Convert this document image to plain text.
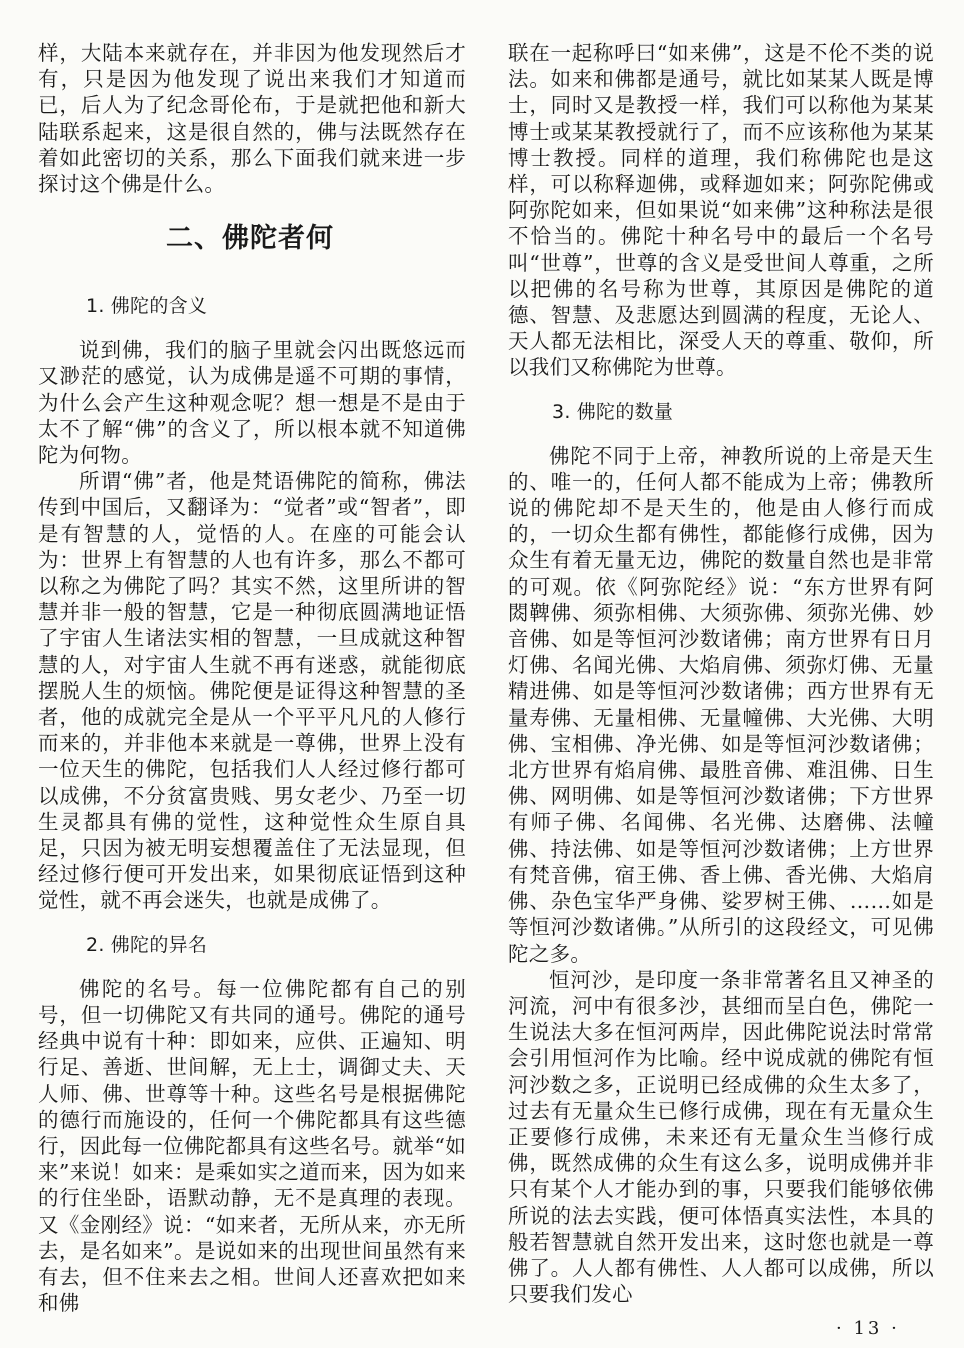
样，大陆本来就存在，并非因为他发现然后才有，只是因为他发现了说出来我们才知道而已，后人为了纪念哥伦布，于是就把他和新大陆联系起来，这是很自然的，佛与法既然存在着如此密切的关系，那么下面我们就来进一步探讨这个佛是什么。

二、佛陀者何
1. 佛陀的含义

说到佛，我们的脑子里就会闪出既悠远而又渺茫的感觉，认为成佛是遥不可期的事情，为什么会产生这种观念呢？想一想是不是由于太不了解“佛”的含义了，所以根本就不知道佛陀为何物。

所谓“佛”者，他是梵语佛陀的简称，佛法传到中国后，又翻译为：“觉者”或“智者”，即是有智慧的人，觉悟的人。在座的可能会认为：世界上有智慧的人也有许多，那么不都可以称之为佛陀了吗？其实不然，这里所讲的智慧并非一般的智慧，它是一种彻底圆满地证悟了宇宙人生诸法实相的智慧，一旦成就这种智慧的人，对宇宙人生就不再有迷惑，就能彻底摆脱人生的烦恼。佛陀便是证得这种智慧的圣者，他的成就完全是从一个平平凡凡的人修行而来的，并非他本来就是一尊佛，世界上没有一位天生的佛陀，包括我们人人经过修行都可以成佛，不分贫富贵贱、男女老少、乃至一切生灵都具有佛的觉性，这种觉性众生原自具足，只因为被无明妄想覆盖住了无法显现，但经过修行便可开发出来，如果彻底证悟到这种觉性，就不再会迷失，也就是成佛了。

2. 佛陀的异名

佛陀的名号。每一位佛陀都有自己的别号，但一切佛陀又有共同的通号。佛陀的通号经典中说有十种：即如来，应供、正遍知、明行足、善逝、世间解，无上士，调御丈夫、天人师、佛、世尊等十种。这些名号是根据佛陀的德行而施设的，任何一个佛陀都具有这些德行，因此每一位佛陀都具有这些名号。就举“如来”来说！如来：是乘如实之道而来，因为如来的行住坐卧，语默动静，无不是真理的表现。又《金刚经》说：“如来者，无所从来，亦无所去，是名如来”。是说如来的出现世间虽然有来有去，但不住来去之相。世间人还喜欢把如来和佛

联在一起称呼曰“如来佛”，这是不伦不类的说法。如来和佛都是通号，就比如某某人既是博士，同时又是教授一样，我们可以称他为某某博士或某某教授就行了，而不应该称他为某某博士教授。同样的道理，我们称佛陀也是这样，可以称释迦佛，或释迦如来；阿弥陀佛或阿弥陀如来，但如果说“如来佛”这种称法是很不恰当的。佛陀十种名号中的最后一个名号叫“世尊”，世尊的含义是受世间人尊重，之所以把佛的名号称为世尊，其原因是佛陀的道德、智慧、及悲愿达到圆满的程度，无论人、天人都无法相比，深受人天的尊重、敬仰，所以我们又称佛陀为世尊。

3. 佛陀的数量

佛陀不同于上帝，神教所说的上帝是天生的、唯一的，任何人都不能成为上帝；佛教所说的佛陀却不是天生的，他是由人修行而成的，一切众生都有佛性，都能修行成佛，因为众生有着无量无边，佛陀的数量自然也是非常的可观。依《阿弥陀经》说：“东方世界有阿閦鞞佛、须弥相佛、大须弥佛、须弥光佛、妙音佛、如是等恒河沙数诸佛；南方世界有日月灯佛、名闻光佛、大焰肩佛、须弥灯佛、无量精进佛、如是等恒河沙数诸佛；西方世界有无量寿佛、无量相佛、无量幢佛、大光佛、大明佛、宝相佛、净光佛、如是等恒河沙数诸佛；北方世界有焰肩佛、最胜音佛、难沮佛、日生佛、网明佛、如是等恒河沙数诸佛；下方世界有师子佛、名闻佛、名光佛、达磨佛、法幢佛、持法佛、如是等恒河沙数诸佛；上方世界有梵音佛，宿王佛、香上佛、香光佛、大焰肩佛、杂色宝华严身佛、娑罗树王佛、……如是等恒河沙数诸佛。”从所引的这段经文，可见佛陀之多。

恒河沙，是印度一条非常著名且又神圣的河流，河中有很多沙，甚细而呈白色，佛陀一生说法大多在恒河两岸，因此佛陀说法时常常会引用恒河作为比喻。经中说成就的佛陀有恒河沙数之多，正说明已经成佛的众生太多了，过去有无量众生已修行成佛，现在有无量众生正要修行成佛，未来还有无量众生当修行成佛，既然成佛的众生有这么多，说明成佛并非只有某个人才能办到的事，只要我们能够依佛所说的法去实践，便可体悟真实法性，本具的般若智慧就自然开发出来，这时您也就是一尊佛了。人人都有佛性、人人都可以成佛，所以只要我们发心

· 13 ·
